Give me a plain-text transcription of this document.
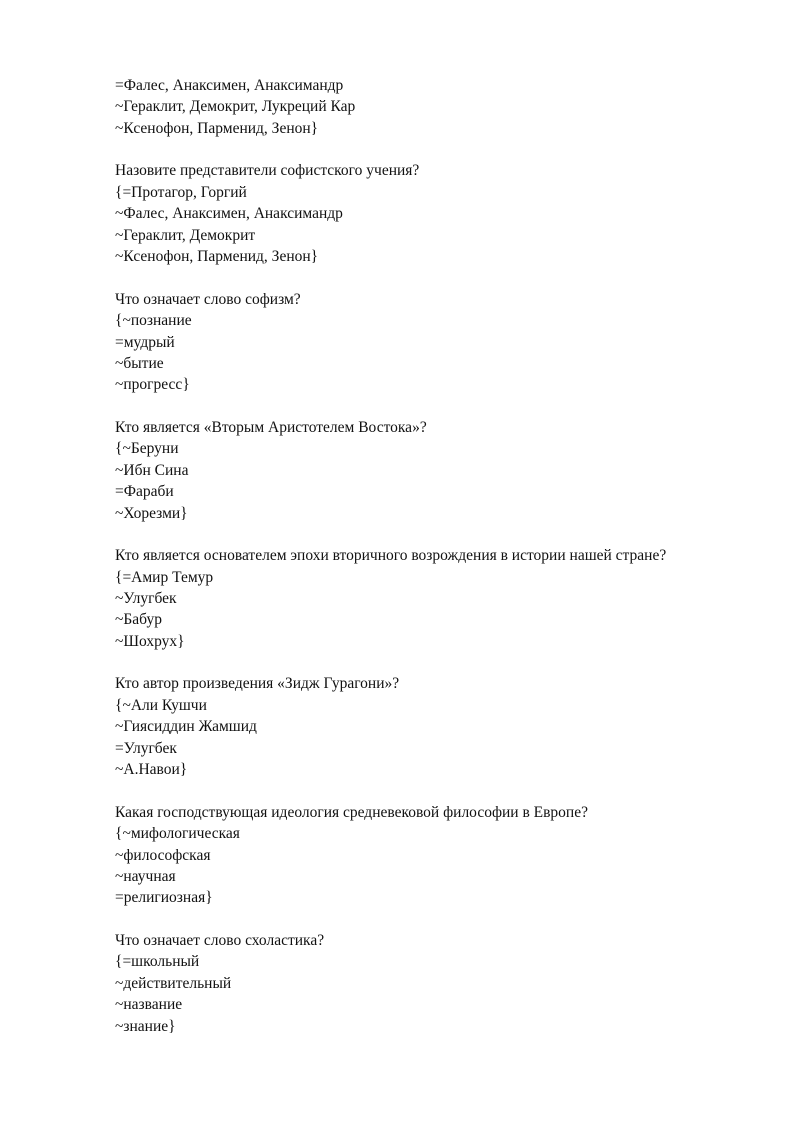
=Фалес, Анаксимен, Анаксимандр
~Гераклит, Демокрит, Лукреций Кар
~Ксенофон, Парменид, Зенон}
Назовите представители софистского учения?
{=Протагор, Горгий
~Фалес, Анаксимен, Анаксимандр
~Гераклит, Демокрит
~Ксенофон, Парменид, Зенон}
Что означает слово софизм?
{~познание
=мудрый
~бытие
~прогресс}
Кто является «Вторым Аристотелем Востока»?
{~Беруни
~Ибн Сина
=Фараби
~Хорезми}
Кто является основателем эпохи вторичного возрождения в истории нашей стране?
{=Амир Темур
~Улугбек
~Бабур
~Шохрух}
Кто автор произведения «Зидж Гурагони»?
{~Али Кушчи
~Гиясиддин Жамшид
=Улугбек
~А.Навои}
Какая господствующая идеология средневековой философии в Европе?
{~мифологическая
~философская
~научная
=религиозная}
Что означает слово схоластика?
{=школьный
~действительный
~название
~знание}
